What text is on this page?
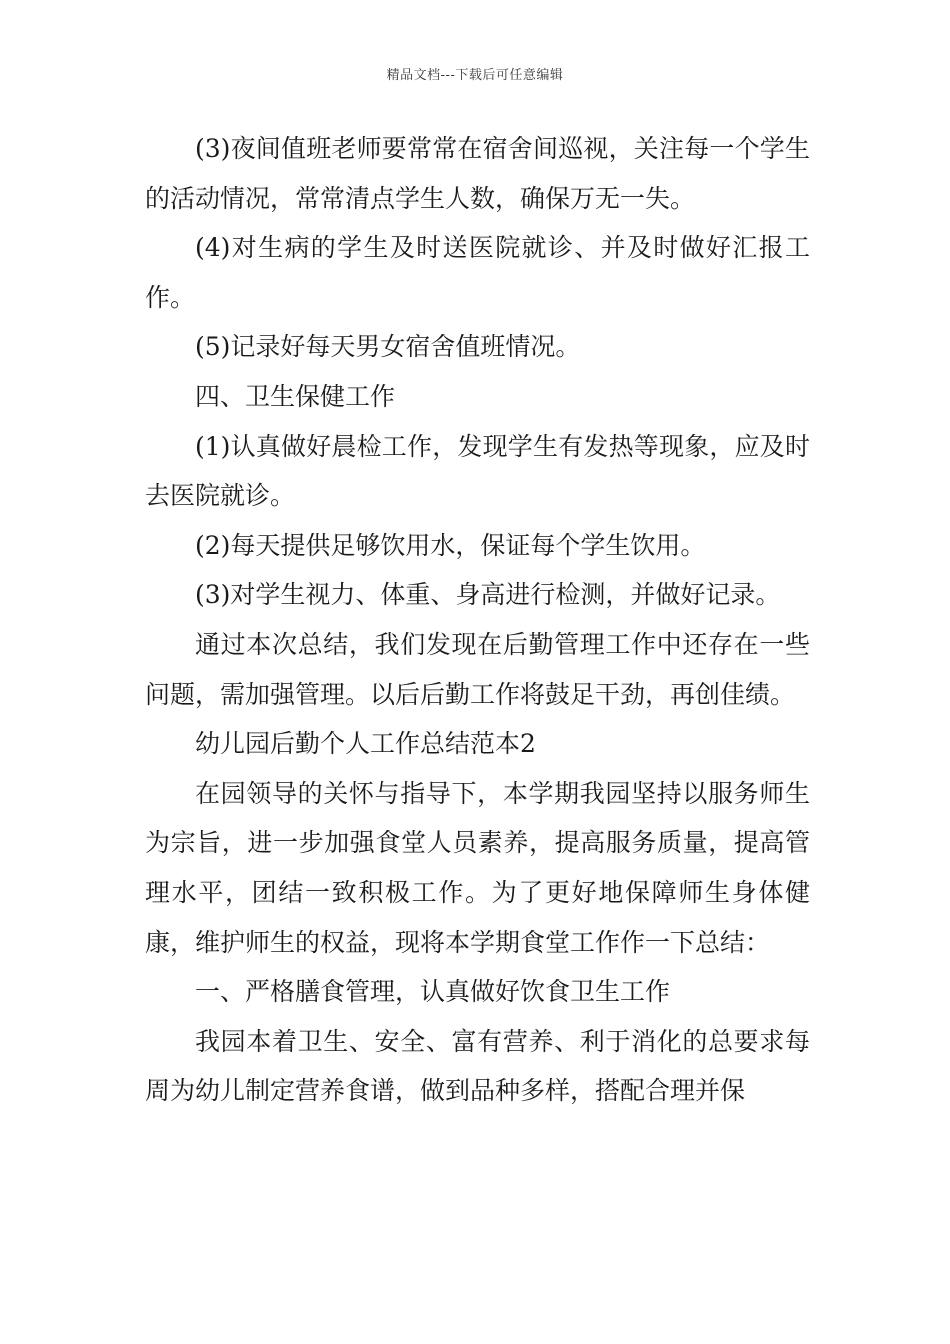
精品文档---下载后可任意编辑

(3)夜间值班老师要常常在宿舍间巡视，关注每一个学生的活动情况，常常清点学生人数，确保万无一失。

(4)对生病的学生及时送医院就诊、并及时做好汇报工作。

(5)记录好每天男女宿舍值班情况。

四、卫生保健工作

(1)认真做好晨检工作，发现学生有发热等现象，应及时去医院就诊。

(2)每天提供足够饮用水，保证每个学生饮用。

(3)对学生视力、体重、身高进行检测，并做好记录。

通过本次总结，我们发现在后勤管理工作中还存在一些问题，需加强管理。以后后勤工作将鼓足干劲，再创佳绩。

幼儿园后勤个人工作总结范本2

在园领导的关怀与指导下，本学期我园坚持以服务师生为宗旨，进一步加强食堂人员素养，提高服务质量，提高管理水平，团结一致积极工作。为了更好地保障师生身体健康，维护师生的权益，现将本学期食堂工作作一下总结：

一、严格膳食管理，认真做好饮食卫生工作

我园本着卫生、安全、富有营养、利于消化的总要求每周为幼儿制定营养食谱，做到品种多样，搭配合理并保
